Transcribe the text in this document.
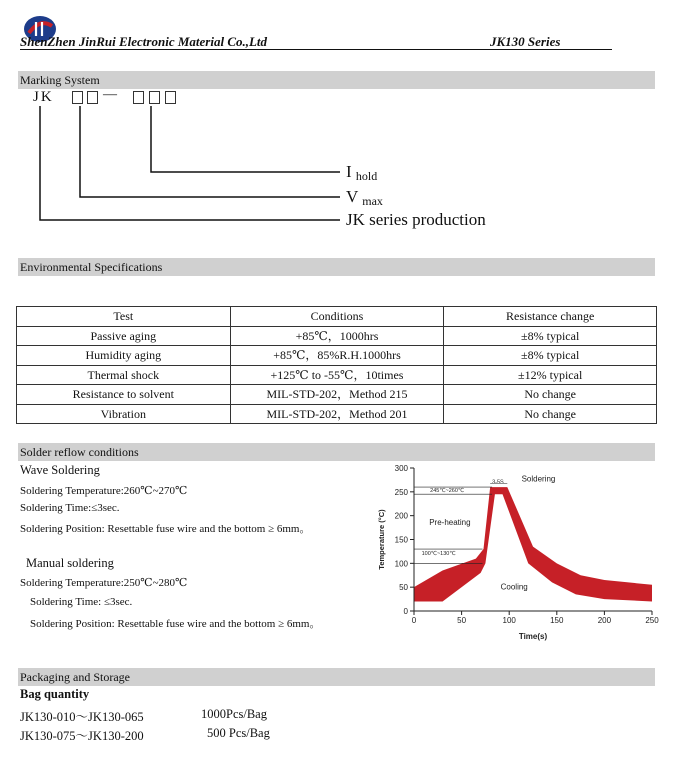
ShenZhen JinRui Electronic Material Co.,Ltd	JK130 Series
Marking System
JK	—
I $_{hold}$
V $_{max}$
JK series production
Environmental Specifications
Test	Conditions	Resistance change
Passive aging	+85℃，1000hrs	±8% typical
Humidity aging	+85℃，85%R.H.1000hrs	±8% typical
Thermal shock	+125℃ to -55℃，10times	±12% typical
Resistance to solvent	MIL-STD-202，Method 215	No change
Vibration	MIL-STD-202，Method 201	No change
Solder reflow conditions
Wave Soldering
Soldering Temperature:260℃~270℃
Soldering Time:≤3sec.
Soldering Position: Resettable fuse wire and the bottom ≥ 6mm。
Manual soldering
Soldering Temperature:250℃~280℃
Soldering Time: ≤3sec.
Soldering Position: Resettable fuse wire and the bottom ≥ 6mm。
0
50
100
150
200
250
300
0	50	100	150	200	250
Time(s)
Temperature (°C)
Soldering
Pre-heating
Cooling
245℃~260℃
100℃~130℃
3-5S
Packaging and Storage
Bag quantity
JK130-010～JK130-065	1000Pcs/Bag
JK130-075～JK130-200	500 Pcs/Bag
